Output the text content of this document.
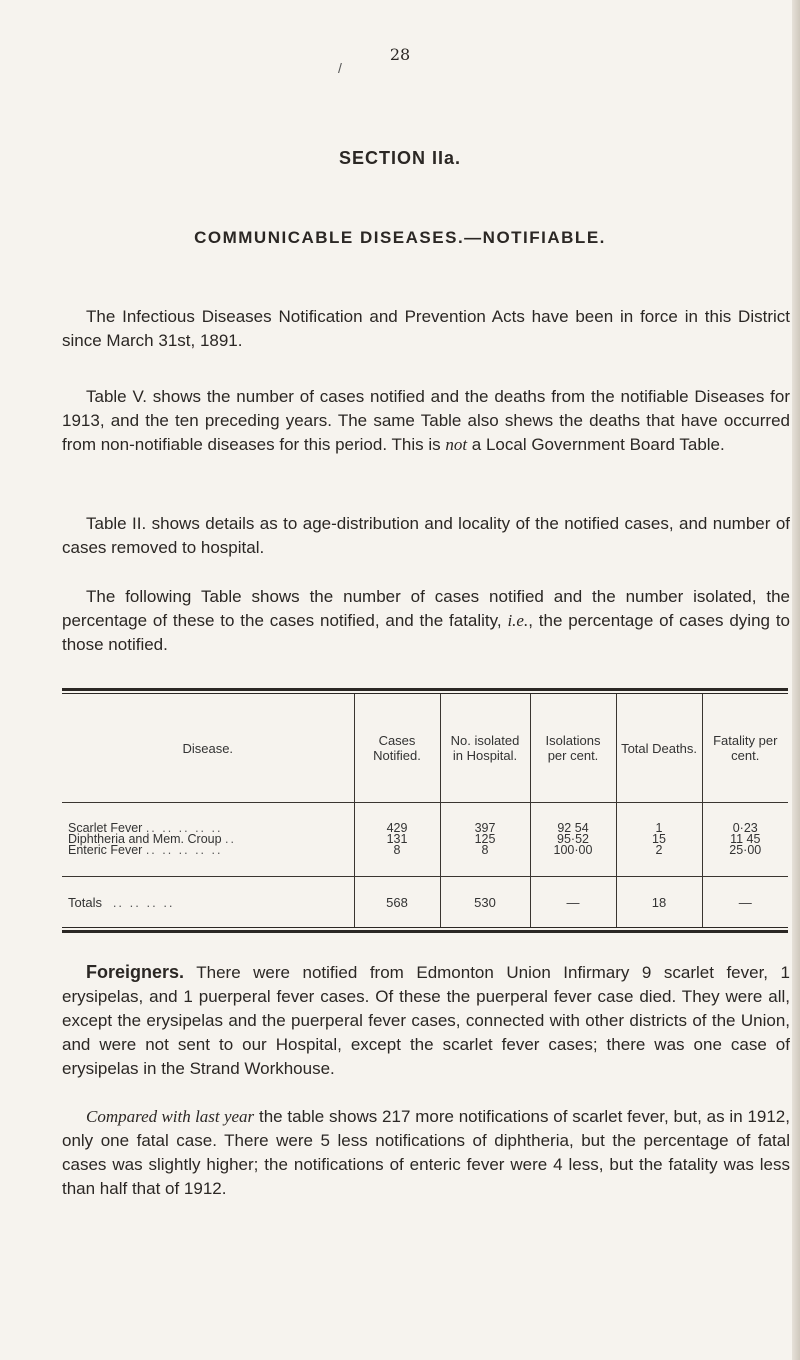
28
/
SECTION IIa.
COMMUNICABLE DISEASES.—NOTIFIABLE.

The Infectious Diseases Notification and Prevention Acts have been in force in this District since March 31st, 1891.

Table V. shows the number of cases notified and the deaths from the notifiable Diseases for 1913, and the ten preceding years. The same Table also shews the deaths that have occurred from non-notifiable diseases for this period. This is not a Local Government Board Table.

Table II. shows details as to age-distribution and locality of the notified cases, and number of cases removed to hospital.

The following Table shows the number of cases notified and the number isolated, the percentage of these to the cases notified, and the fatality, i.e., the percentage of cases dying to those notified.

Disease.	Cases Notified.	No. isolated in Hospital.	Isolations per cent.	Total Deaths.	Fatality per cent.

Scarlet Fever .. .. .. .. ..	429	397	92 54	1	0·23
Diphtheria and Mem. Croup ..	131	125	95·52	15	11 45
Enteric Fever .. .. .. .. ..	8	8	100·00	2	25·00

Totals .. .. .. ..	568	530	—	18	—

Foreigners. There were notified from Edmonton Union Infirmary 9 scarlet fever, 1 erysipelas, and 1 puerperal fever cases. Of these the puerperal fever case died. They were all, except the erysipelas and the puerperal fever cases, connected with other districts of the Union, and were not sent to our Hospital, except the scarlet fever cases; there was one case of erysipelas in the Strand Workhouse.

Compared with last year the table shows 217 more notifications of scarlet fever, but, as in 1912, only one fatal case. There were 5 less notifications of diphtheria, but the percentage of fatal cases was slightly higher; the notifications of enteric fever were 4 less, but the fatality was less than half that of 1912.
